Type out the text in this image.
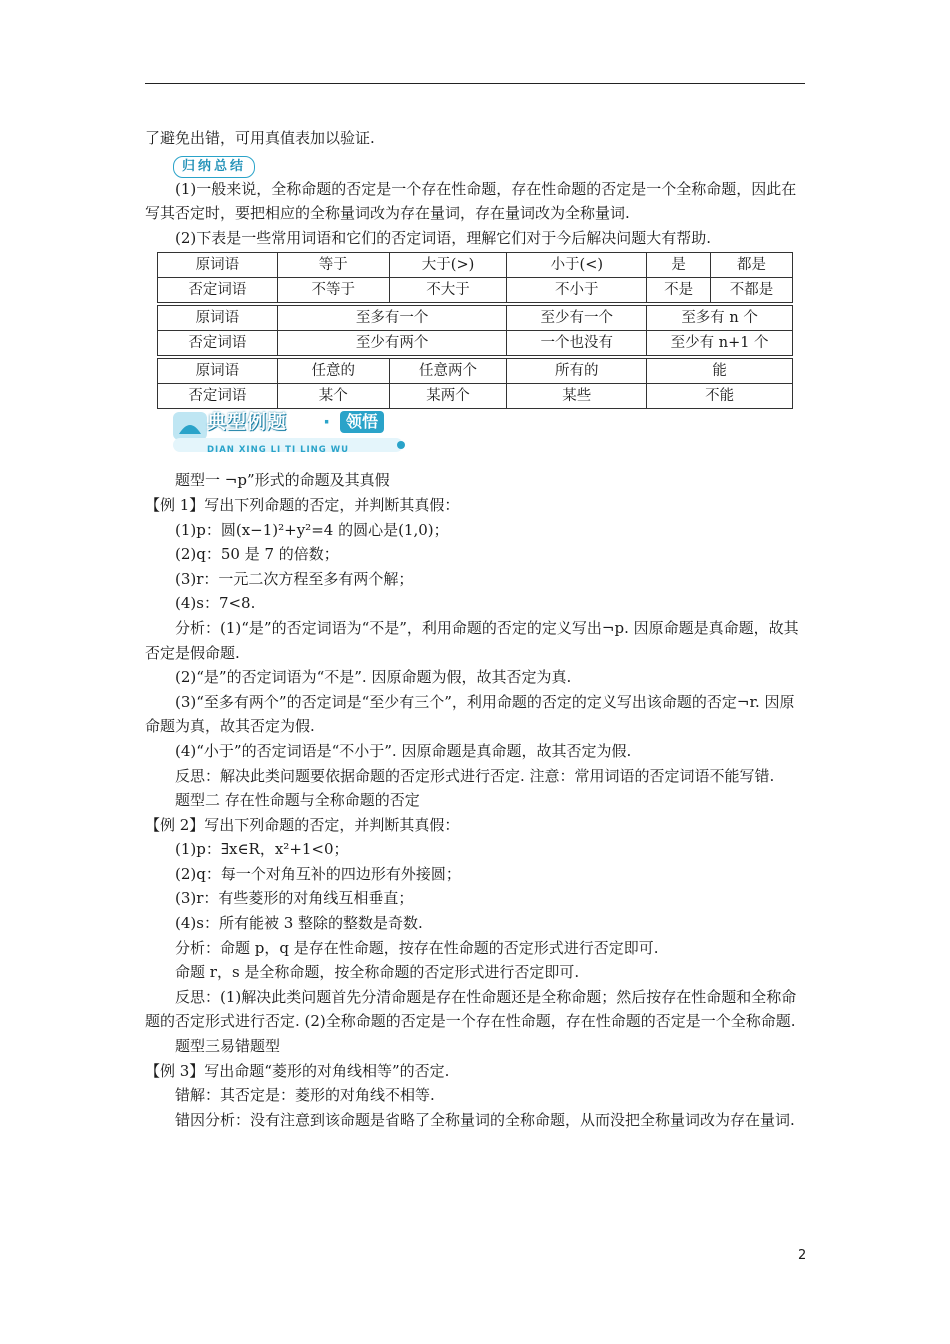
了避免出错，可用真值表加以验证.

归纳总结

(1)一般来说，全称命题的否定是一个存在性命题，存在性命题的否定是一个全称命题，因此在写其否定时，要把相应的全称量词改为存在量词，存在量词改为全称量词.

(2)下表是一些常用词语和它们的否定词语，理解它们对于今后解决问题大有帮助.

原词语	等于	大于(>)	小于(<)	是	都是
否定词语	不等于	不大于	不小于	不是	不都是

原词语	至多有一个		至少有一个	至多有 n 个	
否定词语	至少有两个		一个也没有	至少有 n+1 个	

原词语	任意的	任意两个	所有的	能	
否定词语	某个	某两个	某些	不能	
典型例题 · 领悟
DIAN XING LI TI LING WU

题型一 ¬p”形式的命题及其真假

【例 1】写出下列命题的否定，并判断其真假：

(1)p：圆(x−1)²+y²=4 的圆心是(1,0)；

(2)q：50 是 7 的倍数；

(3)r：一元二次方程至多有两个解；

(4)s：7<8.

分析：(1)“是”的否定词语为“不是”，利用命题的否定的定义写出¬p. 因原命题是真命题，故其否定是假命题.

(2)“是”的否定词语为“不是”. 因原命题为假，故其否定为真.

(3)“至多有两个”的否定词是“至少有三个”，利用命题的否定的定义写出该命题的否定¬r. 因原命题为真，故其否定为假.

(4)“小于”的否定词语是“不小于”. 因原命题是真命题，故其否定为假.

反思：解决此类问题要依据命题的否定形式进行否定. 注意：常用词语的否定词语不能写错.

题型二 存在性命题与全称命题的否定

【例 2】写出下列命题的否定，并判断其真假：

(1)p：∃x∈R，x²+1<0；

(2)q：每一个对角互补的四边形有外接圆；

(3)r：有些菱形的对角线互相垂直；

(4)s：所有能被 3 整除的整数是奇数.

分析：命题 p，q 是存在性命题，按存在性命题的否定形式进行否定即可.

命题 r，s 是全称命题，按全称命题的否定形式进行否定即可.

反思：(1)解决此类问题首先分清命题是存在性命题还是全称命题；然后按存在性命题和全称命题的否定形式进行否定. (2)全称命题的否定是一个存在性命题，存在性命题的否定是一个全称命题.

题型三易错题型

【例 3】写出命题“菱形的对角线相等”的否定.

错解：其否定是：菱形的对角线不相等.

错因分析：没有注意到该命题是省略了全称量词的全称命题，从而没把全称量词改为存在量词.

2
